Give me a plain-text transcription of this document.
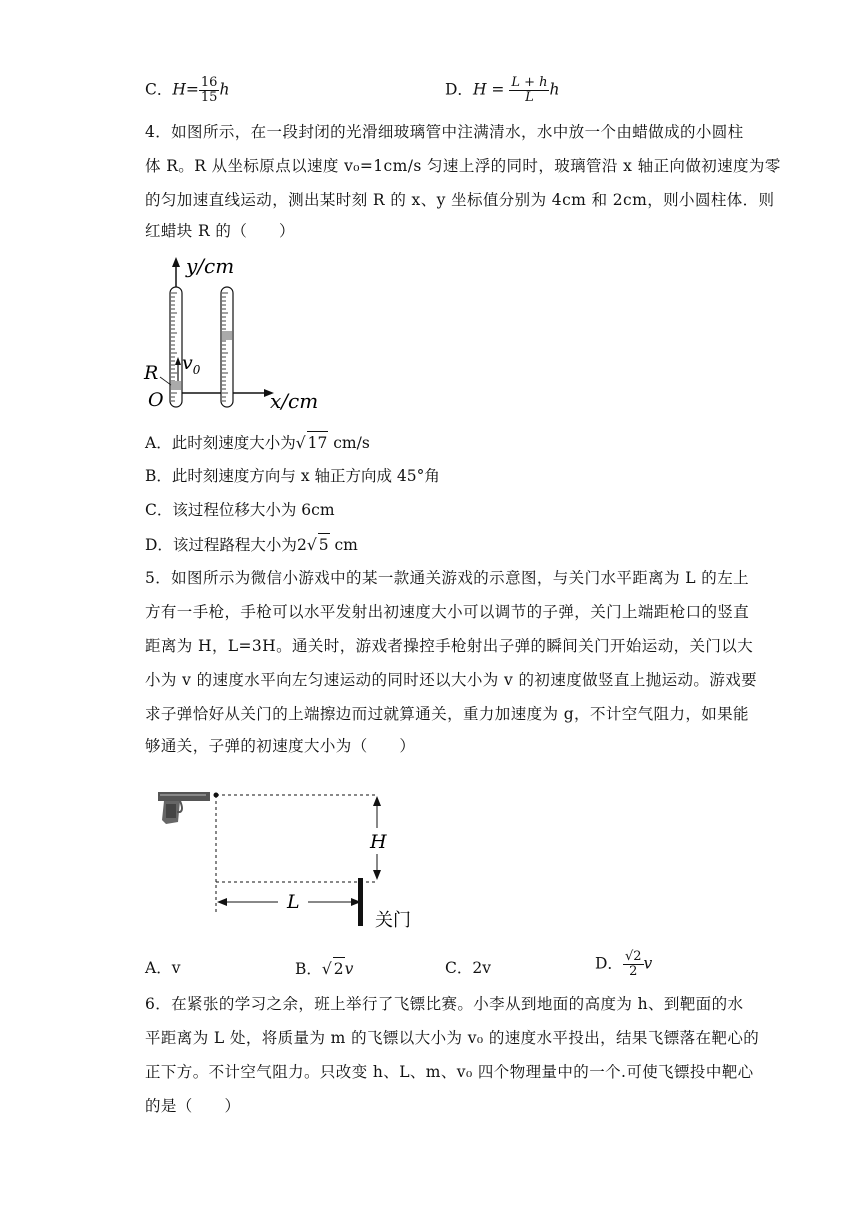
C．$H= \frac{16}{15}$ h	D．$H = \frac{L + h}{L}$ h
4．如图所示，在一段封闭的光滑细玻璃管中注满清水，水中放一个由蜡做成的小圆柱
体 R。R 从坐标原点以速度 v₀=1cm/s 匀速上浮的同时，玻璃管沿 x 轴正向做初速度为零
的匀加速直线运动，测出某时刻 R 的 x、y 坐标值分别为 4cm 和 2cm，则小圆柱体．则
红蜡块 R 的（　　）
R $v_0$
O
y/cm
x/cm
A．此时刻速度大小为√ 17 cm/s
B．此时刻速度方向与 x 轴正方向成 45°角
C．该过程位移大小为 6cm
D．该过程路程大小为2√ 5 cm
5．如图所示为微信小游戏中的某一款通关游戏的示意图，与关门水平距离为 L 的左上
方有一手枪，手枪可以水平发射出初速度大小可以调节的子弹，关门上端距枪口的竖直
距离为 H，L=3H。通关时，游戏者操控手枪射出子弹的瞬间关门开始运动，关门以大
小为 v 的速度水平向左匀速运动的同时还以大小为 v 的初速度做竖直上抛运动。游戏要
求子弹恰好从关门的上端擦边而过就算通关，重力加速度为 g，不计空气阻力，如果能
够通关，子弹的初速度大小为（　　）
H
L
关门
A．v	B．√ 2v	C．2v	D． $\frac{√2}{2}$ v
6．在紧张的学习之余，班上举行了飞镖比赛。小李从到地面的高度为 h、到靶面的水
平距离为 L 处，将质量为 m 的飞镖以大小为 v₀ 的速度水平投出，结果飞镖落在靶心的
正下方。不计空气阻力。只改变 h、L、m、v₀ 四个物理量中的一个.可使飞镖投中靶心
的是（　　）
